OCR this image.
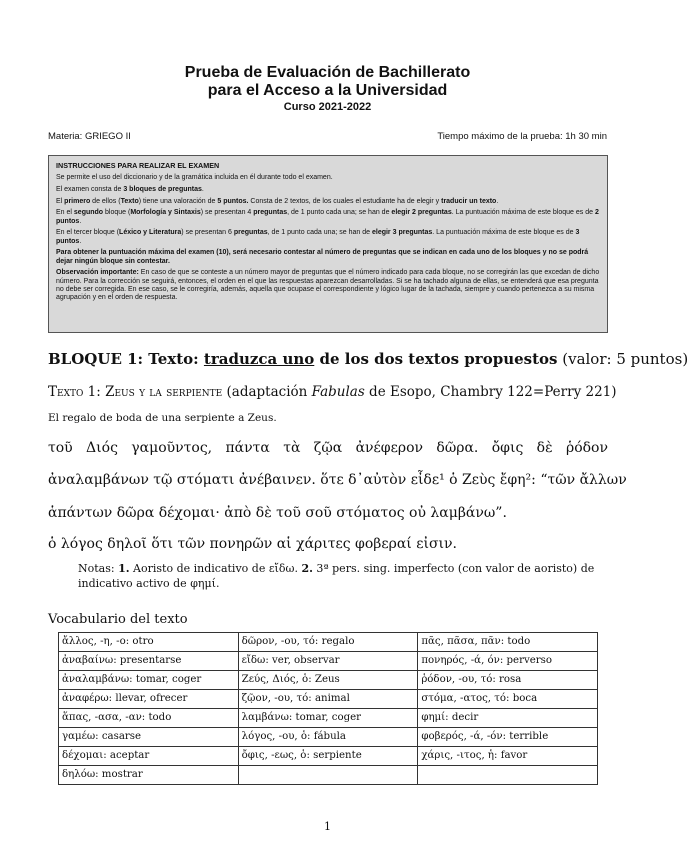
Prueba de Evaluación de Bachillerato
para el Acceso a la Universidad
Curso 2021-2022
Materia: GRIEGO II	Tiempo máximo de la prueba: 1h 30 min

INSTRUCCIONES PARA REALIZAR EL EXAMEN

Se permite el uso del diccionario y de la gramática incluida en él durante todo el examen.

El examen consta de 3 bloques de preguntas.

El primero de ellos (Texto) tiene una valoración de 5 puntos. Consta de 2 textos, de los cuales el estudiante ha de elegir y traducir un texto.

En el segundo bloque (Morfología y Sintaxis) se presentan 4 preguntas, de 1 punto cada una; se han de elegir 2 preguntas. La puntuación máxima de este bloque es de 2 puntos.

En el tercer bloque (Léxico y Literatura) se presentan 6 preguntas, de 1 punto cada una; se han de elegir 3 preguntas. La puntuación máxima de este bloque es de 3 puntos.

Para obtener la puntuación máxima del examen (10), será necesario contestar al número de preguntas que se indican en cada uno de los bloques y no se podrá dejar ningún bloque sin contestar.

Observación importante: En caso de que se conteste a un número mayor de preguntas que el número indicado para cada bloque, no se corregirán las que excedan de dicho número. Para la corrección se seguirá, entonces, el orden en el que las respuestas aparezcan desarrolladas. Si se ha tachado alguna de ellas, se entenderá que esa pregunta no debe ser corregida. En ese caso, se le corregiría, además, aquella que ocupase el correspondiente y lógico lugar de la tachada, siempre y cuando pertenezca a su misma agrupación y en el orden de respuesta.

BLOQUE 1: Texto: traduzca uno de los dos textos propuestos (valor: 5 puntos)
Texto 1: Zeus y la serpiente (adaptación Fabulas de Esopo, Chambry 122=Perry 221)
El regalo de boda de una serpiente a Zeus.
τοῦ Διός γαμοῦντος, πάντα τὰ ζῷα ἀνέφερον δῶρα. ὄφις δὲ ῥόδον
ἀναλαμβάνων τῷ στόματι ἀνέβαινεν. ὅτε δ᾽αὐτὸν εἶδε¹ ὁ Ζεὺς ἔφη²: “τῶν ἄλλων
ἁπάντων δῶρα δέχομαι· ἀπὸ δὲ τοῦ σοῦ στόματος οὐ λαμβάνω”.
ὁ λόγος δηλοῖ ὅτι τῶν πονηρῶν αἱ χάριτες φοβεραί εἰσιν.
Notas: 1. Aoristo de indicativo de εἴδω. 2. 3ª pers. sing. imperfecto (con valor de aoristo) de indicativo activo de φημί.
Vocabulario del texto
ἄλλος, -η, -ο: otro	δῶρον, -ου, τό: regalo	πᾶς, πᾶσα, πᾶν: todo
ἀναβαίνω: presentarse	εἴδω: ver, observar	πονηρός, -ά, όν: perverso
ἀναλαμβάνω: tomar, coger	Ζεύς, Διός, ὁ: Zeus	ῥόδον, -ου, τό: rosa
ἀναφέρω: llevar, ofrecer	ζῷον, -ου, τό: animal	στόμα, -ατος, τό: boca
ἅπας, -ασα, -αν: todo	λαμβάνω: tomar, coger	φημί: decir
γαμέω: casarse	λόγος, -ου, ὁ: fábula	φοβερός, -ά, -όν: terrible
δέχομαι: aceptar	ὄφις, -εως, ὁ: serpiente	χάρις, -ιτος, ἡ: favor
δηλόω: mostrar		
1
